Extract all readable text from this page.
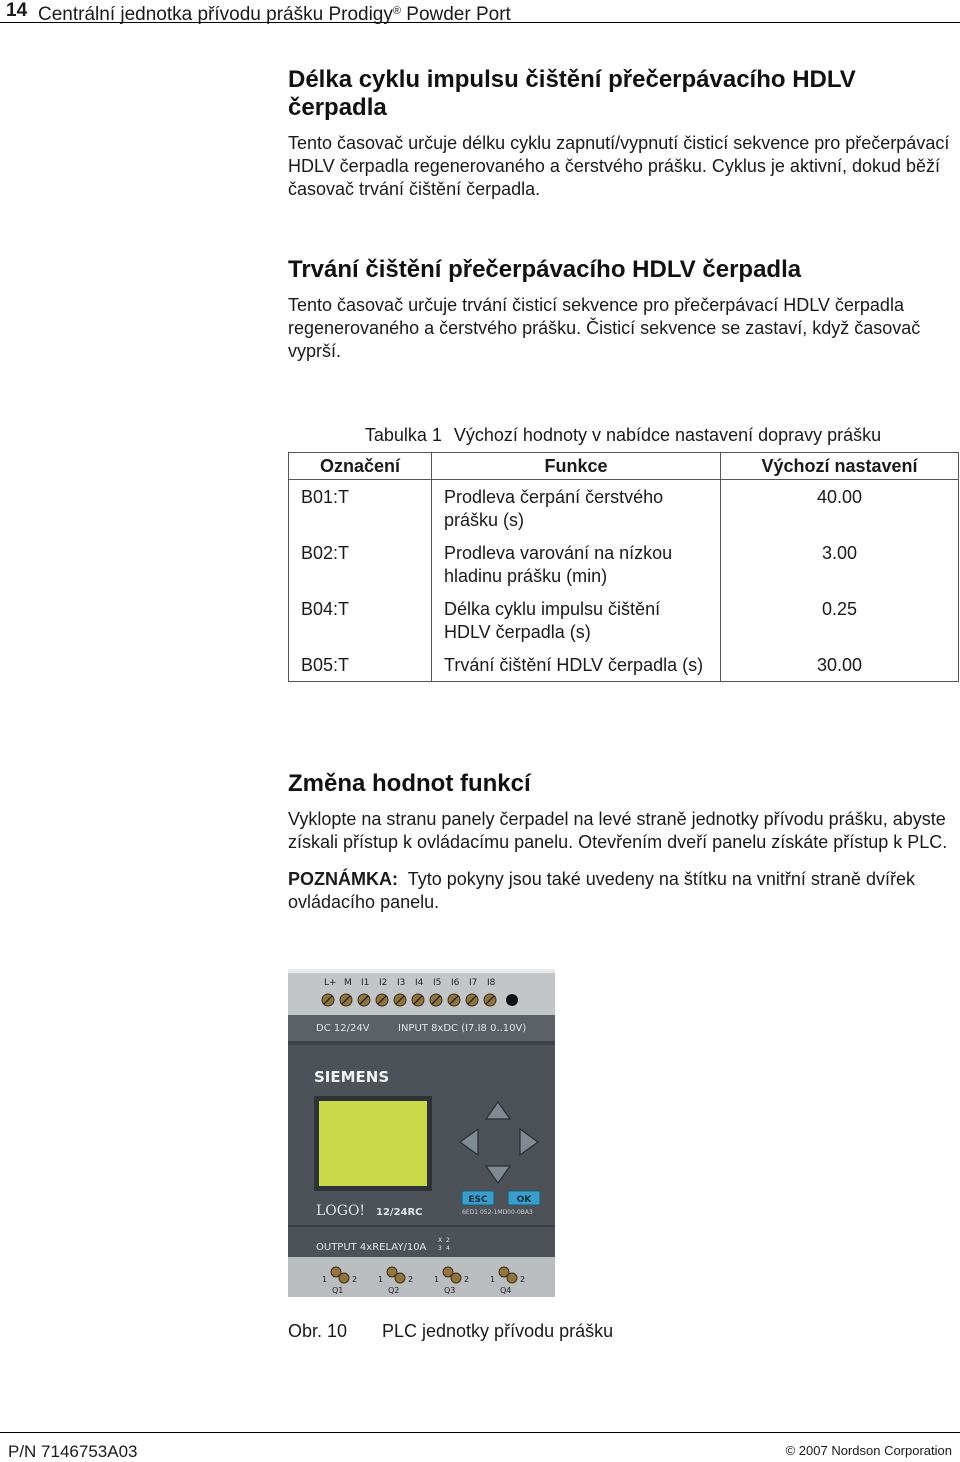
14 Centrální jednotka přívodu prášku Prodigy® Powder Port
Délka cyklu impulsu čištění přečerpávacího HDLV čerpadla

Tento časovač určuje délku cyklu zapnutí/vypnutí čisticí sekvence pro přečerpávací HDLV čerpadla regenerovaného a čerstvého prášku. Cyklus je aktivní, dokud běží časovač trvání čištění čerpadla.

Trvání čištění přečerpávacího HDLV čerpadla

Tento časovač určuje trvání čisticí sekvence pro přečerpávací HDLV čerpadla regenerovaného a čerstvého prášku. Čisticí sekvence se zastaví, když časovač vyprší.

Tabulka 1 Výchozí hodnoty v nabídce nastavení dopravy prášku
Označení	Funkce	Výchozí nastavení
B01:T	Prodleva čerpání čerstvého prášku (s)	40.00
B02:T	Prodleva varování na nízkou hladinu prášku (min)	3.00
B04:T	Délka cyklu impulsu čištění HDLV čerpadla (s)	0.25
B05:T	Trvání čištění HDLV čerpadla (s)	30.00
Změna hodnot funkcí

Vyklopte na stranu panely čerpadel na levé straně jednotky přívodu prášku, abyste získali přístup k ovládacímu panelu. Otevřením dveří panelu získáte přístup k PLC.

POZNÁMKA: Tyto pokyny jsou také uvedeny na štítku na vnitřní straně dvířek ovládacího panelu.

L+ M I1 I2 I3 I4 I5 I6 I7 I8
DC 12/24V	INPUT 8xDC (I7.I8 0..10V)
SIEMENS
ESC	OK
LOGO! 12/24RC	6ED1 052-1MD00-0BA3
OUTPUT 4xRELAY/10A
X 2
3 4
1	2	1	2	1	2	1	2
Q1	Q2	Q3	Q4
Obr. 10 PLC jednotky přívodu prášku
P/N 7146753A03	© 2007 Nordson Corporation
